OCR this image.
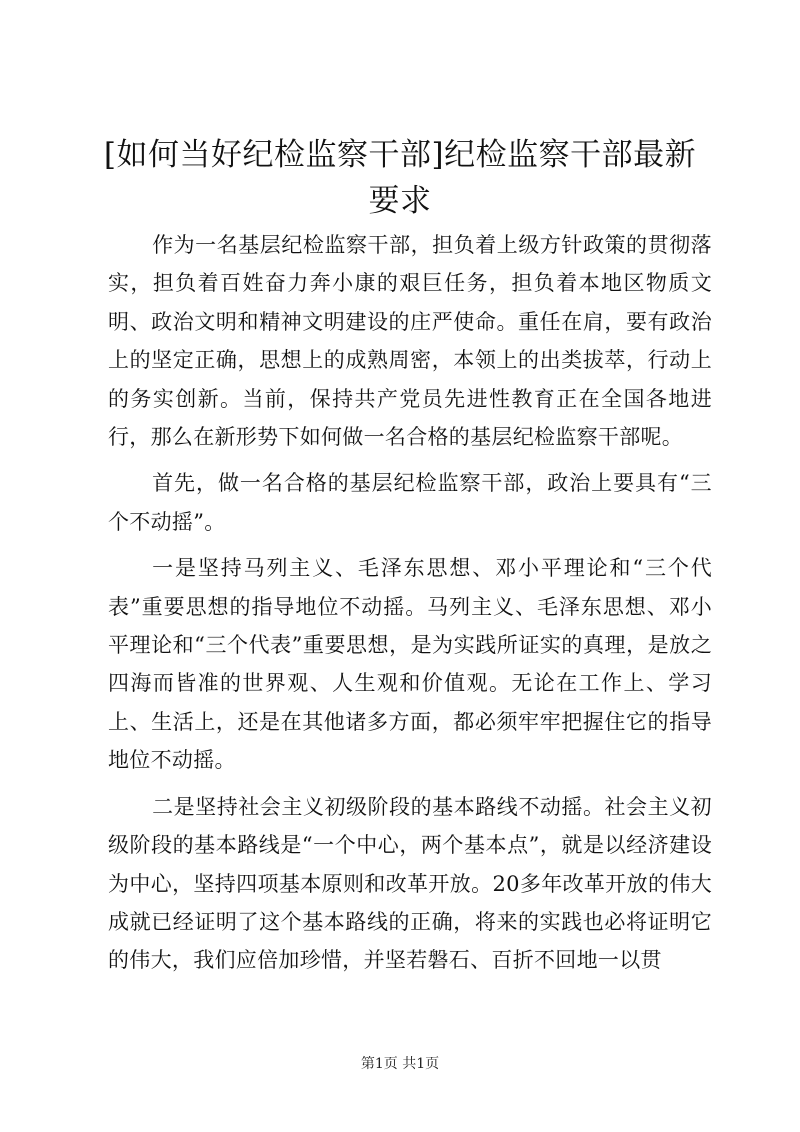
[如何当好纪检监察干部]纪检监察干部最新要求

作为一名基层纪检监察干部，担负着上级方针政策的贯彻落实，担负着百姓奋力奔小康的艰巨任务，担负着本地区物质文明、政治文明和精神文明建设的庄严使命。重任在肩，要有政治上的坚定正确，思想上的成熟周密，本领上的出类拔萃，行动上的务实创新。当前，保持共产党员先进性教育正在全国各地进行，那么在新形势下如何做一名合格的基层纪检监察干部呢。

首先，做一名合格的基层纪检监察干部，政治上要具有“三个不动摇”。

一是坚持马列主义、毛泽东思想、邓小平理论和“三个代表”重要思想的指导地位不动摇。马列主义、毛泽东思想、邓小平理论和“三个代表”重要思想，是为实践所证实的真理，是放之四海而皆准的世界观、人生观和价值观。无论在工作上、学习上、生活上，还是在其他诸多方面，都必须牢牢把握住它的指导地位不动摇。

二是坚持社会主义初级阶段的基本路线不动摇。社会主义初级阶段的基本路线是“一个中心，两个基本点”，就是以经济建设为中心，坚持四项基本原则和改革开放。20多年改革开放的伟大成就已经证明了这个基本路线的正确，将来的实践也必将证明它的伟大，我们应倍加珍惜，并坚若磐石、百折不回地一以贯

第1页 共1页
